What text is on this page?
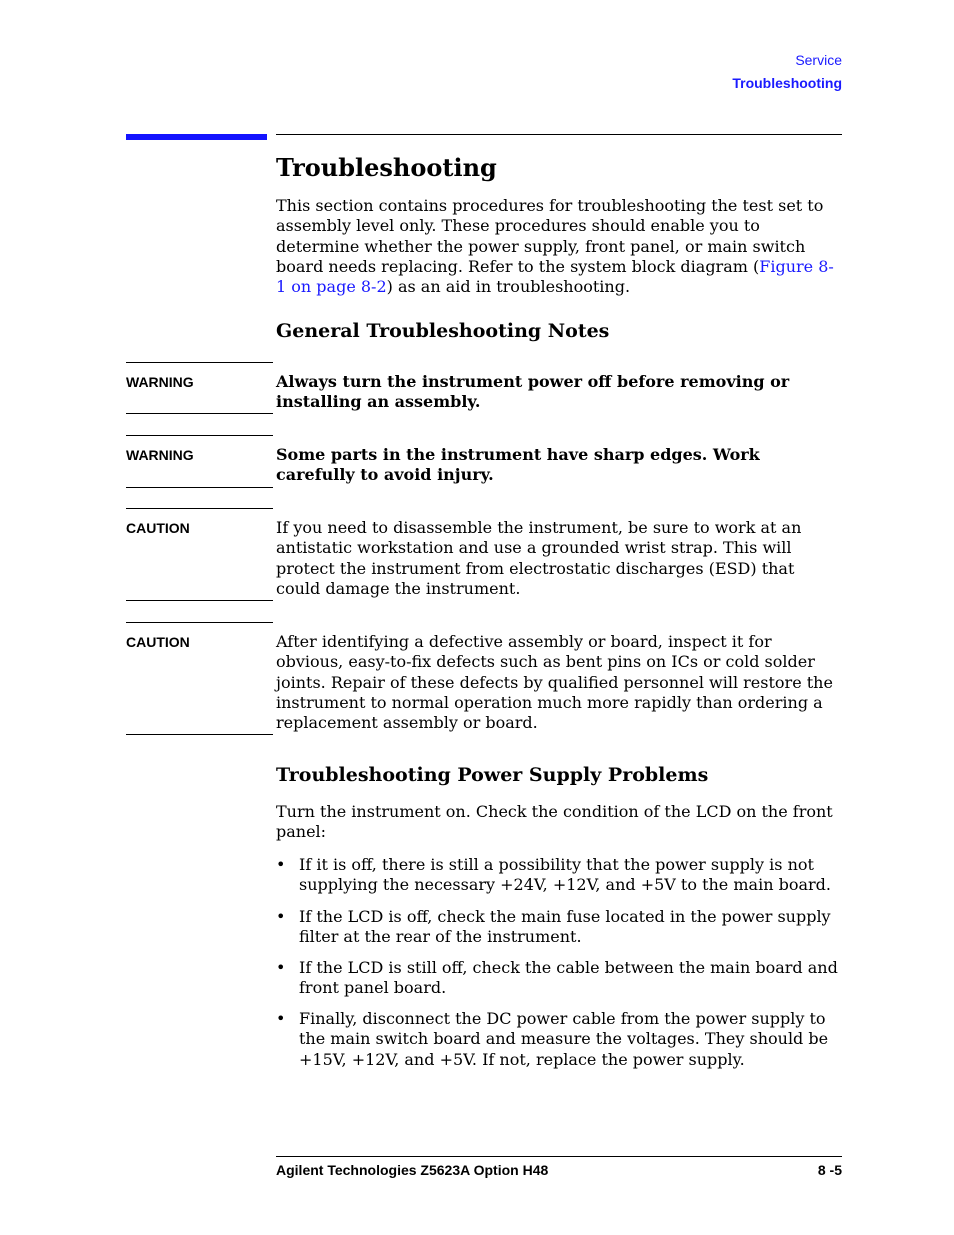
Service
Troubleshooting
Troubleshooting

This section contains procedures for troubleshooting the test set to assembly level only. These procedures should enable you to determine whether the power supply, front panel, or main switch board needs replacing. Refer to the system block diagram (Figure 8-1 on page 8-2) as an aid in troubleshooting.

General Troubleshooting Notes
WARNING	Always turn the instrument power off before removing or installing an assembly.

WARNING	Some parts in the instrument have sharp edges. Work carefully to avoid injury.

CAUTION	If you need to disassemble the instrument, be sure to work at an antistatic workstation and use a grounded wrist strap. This will protect the instrument from electrostatic discharges (ESD) that could damage the instrument.

CAUTION	After identifying a defective assembly or board, inspect it for obvious, easy-to-fix defects such as bent pins on ICs or cold solder joints. Repair of these defects by qualified personnel will restore the instrument to normal operation much more rapidly than ordering a replacement assembly or board.

Troubleshooting Power Supply Problems

Turn the instrument on. Check the condition of the LCD on the front panel:

• If it is off, there is still a possibility that the power supply is not supplying the necessary +24V, +12V, and +5V to the main board.
• If the LCD is off, check the main fuse located in the power supply filter at the rear of the instrument.
• If the LCD is still off, check the cable between the main board and front panel board.
• Finally, disconnect the DC power cable from the power supply to the main switch board and measure the voltages. They should be +15V, +12V, and +5V. If not, replace the power supply.
Agilent Technologies Z5623A Option H48	8 -5
